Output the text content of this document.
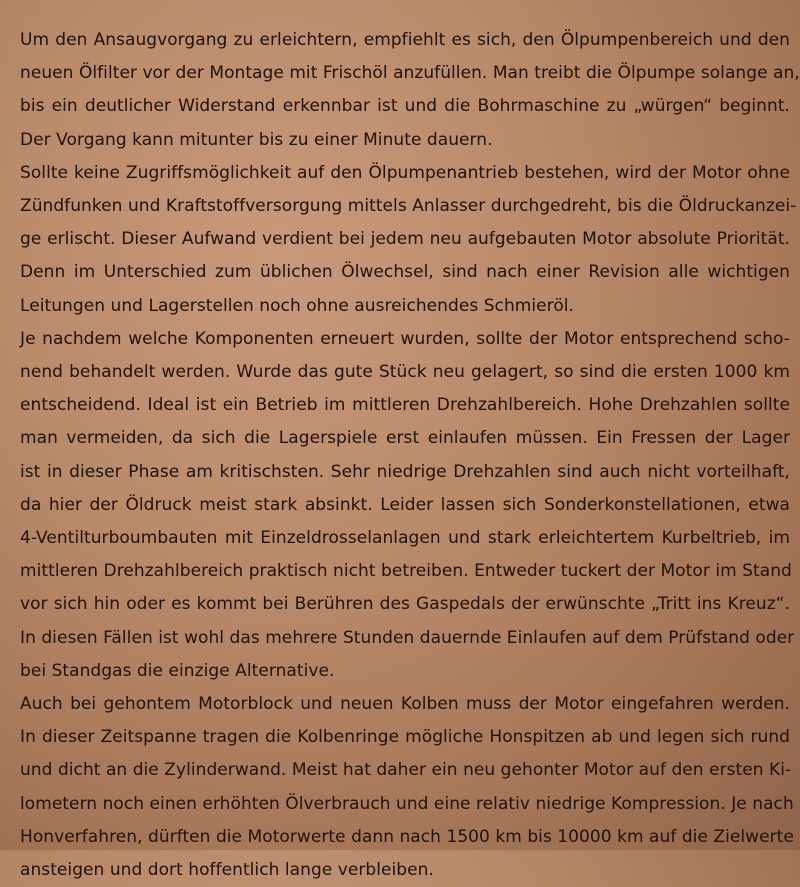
Um den Ansaugvorgang zu erleichtern, empfiehlt es sich, den Ölpumpenbereich und den
neuen Ölfilter vor der Montage mit Frischöl anzufüllen. Man treibt die Ölpumpe solange an,
bis ein deutlicher Widerstand erkennbar ist und die Bohrmaschine zu „würgen“ beginnt.
Der Vorgang kann mitunter bis zu einer Minute dauern.
Sollte keine Zugriffsmöglichkeit auf den Ölpumpenantrieb bestehen, wird der Motor ohne
Zündfunken und Kraftstoffversorgung mittels Anlasser durchgedreht, bis die Öldruckanzei-
ge erlischt. Dieser Aufwand verdient bei jedem neu aufgebauten Motor absolute Priorität.
Denn im Unterschied zum üblichen Ölwechsel, sind nach einer Revision alle wichtigen
Leitungen und Lagerstellen noch ohne ausreichendes Schmieröl.
Je nachdem welche Komponenten erneuert wurden, sollte der Motor entsprechend scho-
nend behandelt werden. Wurde das gute Stück neu gelagert, so sind die ersten 1000 km
entscheidend. Ideal ist ein Betrieb im mittleren Drehzahlbereich. Hohe Drehzahlen sollte
man vermeiden, da sich die Lagerspiele erst einlaufen müssen. Ein Fressen der Lager
ist in dieser Phase am kritischsten. Sehr niedrige Drehzahlen sind auch nicht vorteilhaft,
da hier der Öldruck meist stark absinkt. Leider lassen sich Sonderkonstellationen, etwa
4-Ventilturboumbauten mit Einzeldrosselanlagen und stark erleichtertem Kurbeltrieb, im
mittleren Drehzahlbereich praktisch nicht betreiben. Entweder tuckert der Motor im Stand
vor sich hin oder es kommt bei Berühren des Gaspedals der erwünschte „Tritt ins Kreuz“.
In diesen Fällen ist wohl das mehrere Stunden dauernde Einlaufen auf dem Prüfstand oder
bei Standgas die einzige Alternative.
Auch bei gehontem Motorblock und neuen Kolben muss der Motor eingefahren werden.
In dieser Zeitspanne tragen die Kolbenringe mögliche Honspitzen ab und legen sich rund
und dicht an die Zylinderwand. Meist hat daher ein neu gehonter Motor auf den ersten Ki-
lometern noch einen erhöhten Ölverbrauch und eine relativ niedrige Kompression. Je nach
Honverfahren, dürften die Motorwerte dann nach 1500 km bis 10000 km auf die Zielwerte
ansteigen und dort hoffentlich lange verbleiben.
